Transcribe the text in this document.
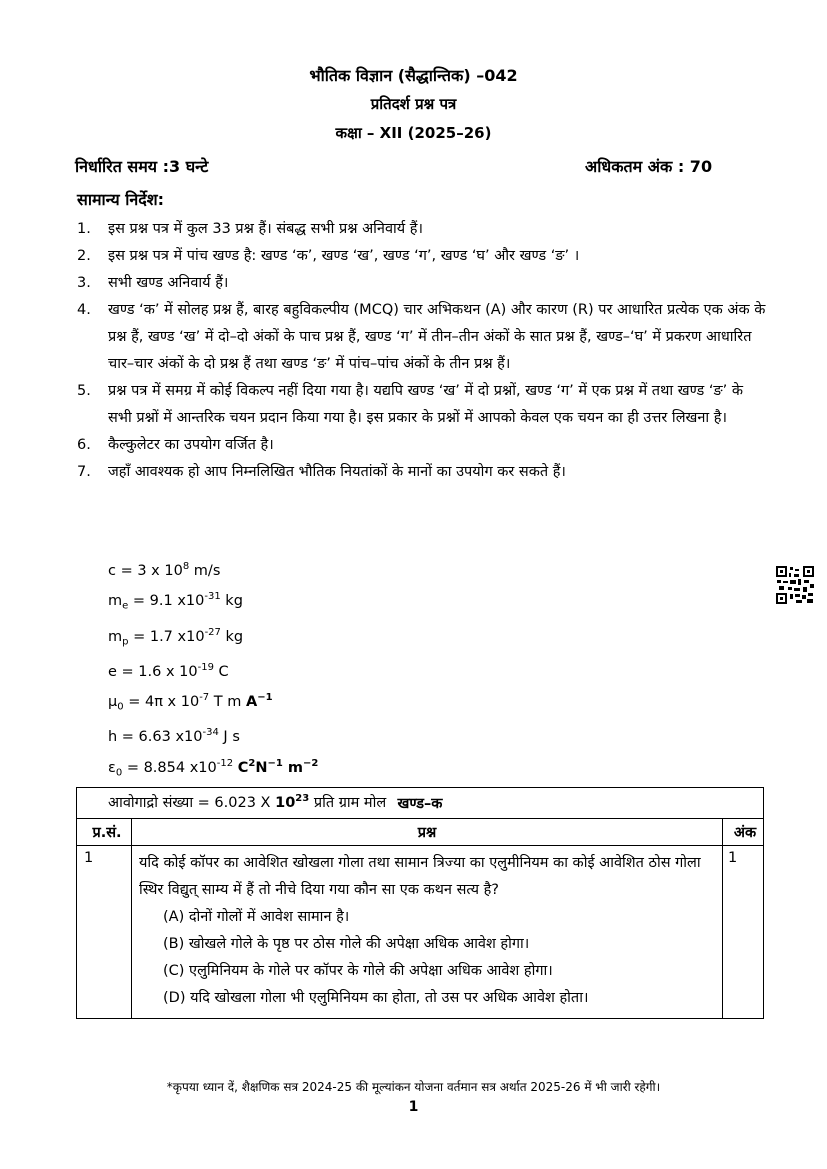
भौतिक विज्ञान (सैद्धान्तिक) –042
प्रतिदर्श प्रश्न पत्र
कक्षा – XII (2025–26)
निर्धारित समय :3 घन्टे	अधिकतम अंक : 70
सामान्य निर्देश:
1.	इस प्रश्न पत्र में कुल 33 प्रश्न हैं। संबद्ध सभी प्रश्न अनिवार्य हैं।
2.	इस प्रश्न पत्र में पांच खण्ड है: खण्ड ‘क’, खण्ड ‘ख’, खण्ड ‘ग’, खण्ड ‘घ’ और खण्ड ‘ङ’ ।
3.	सभी खण्ड अनिवार्य हैं।
4.	खण्ड ‘क’ में सोलह प्रश्न हैं, बारह बहुविकल्पीय (MCQ) चार अभिकथन (A) और कारण (R) पर आधारित प्रत्येक एक अंक के प्रश्न हैं, खण्ड ‘ख’ में दो–दो अंकों के पाच प्रश्न हैं, खण्ड ‘ग’ में तीन–तीन अंकों के सात प्रश्न हैं, खण्ड–‘घ’ में प्रकरण आधारित चार–चार अंकों के दो प्रश्न हैं तथा खण्ड ‘ङ’ में पांच–पांच अंकों के तीन प्रश्न हैं।
5.	प्रश्न पत्र में समग्र में कोई विकल्प नहीं दिया गया है। यद्यपि खण्ड ‘ख’ में दो प्रश्नों, खण्ड ‘ग’ में एक प्रश्न में तथा खण्ड ‘ङ’ के सभी प्रश्नों में आन्तरिक चयन प्रदान किया गया है। इस प्रकार के प्रश्नों में आपको केवल एक चयन का ही उत्तर लिखना है।
6.	कैल्कुलेटर का उपयोग वर्जित है।
7.	जहाँ आवश्यक हो आप निम्नलिखित भौतिक नियतांकों के मानों का उपयोग कर सकते हैं।
c = 3 x $10^8$ m/s
$m_e = 9.1$ $x10^{-31}$ kg
$m_p = 1.7$ $x10^{-27}$ kg
e = 1.6 x $10^{-19}$ C
$\mu_0 = 4\pi$ x $10^{-7}$ T m $A^{-1}$
h = 6.63 $x10^{-34}$ J s
$\varepsilon_0 = 8.854$ $x10^{-12}$ $C^2N^{-1}$ $m^{-2}$
आवोगाद्रो संख्या = 6.023 X $10^{23}$ प्रति ग्राम मोल खण्ड–क		
प्र.सं.	प्रश्न	अंक
1	यदि कोई कॉपर का आवेशित खोखला गोला तथा सामान त्रिज्या का एलुमीनियम का कोई आवेशित ठोस गोला स्थिर विद्युत् साम्य में हैं तो नीचे दिया गया कौन सा एक कथन सत्य है?
(A) दोनों गोलों में आवेश सामान है।
(B) खोखले गोले के पृष्ठ पर ठोस गोले की अपेक्षा अधिक आवेश होगा।
(C) एलुमिनियम के गोले पर कॉपर के गोले की अपेक्षा अधिक आवेश होगा।
(D) यदि खोखला गोला भी एलुमिनियम का होता, तो उस पर अधिक आवेश होता।	1
*कृपया ध्यान दें, शैक्षणिक सत्र 2024-25 की मूल्यांकन योजना वर्तमान सत्र अर्थात 2025-26 में भी जारी रहेगी।
1
